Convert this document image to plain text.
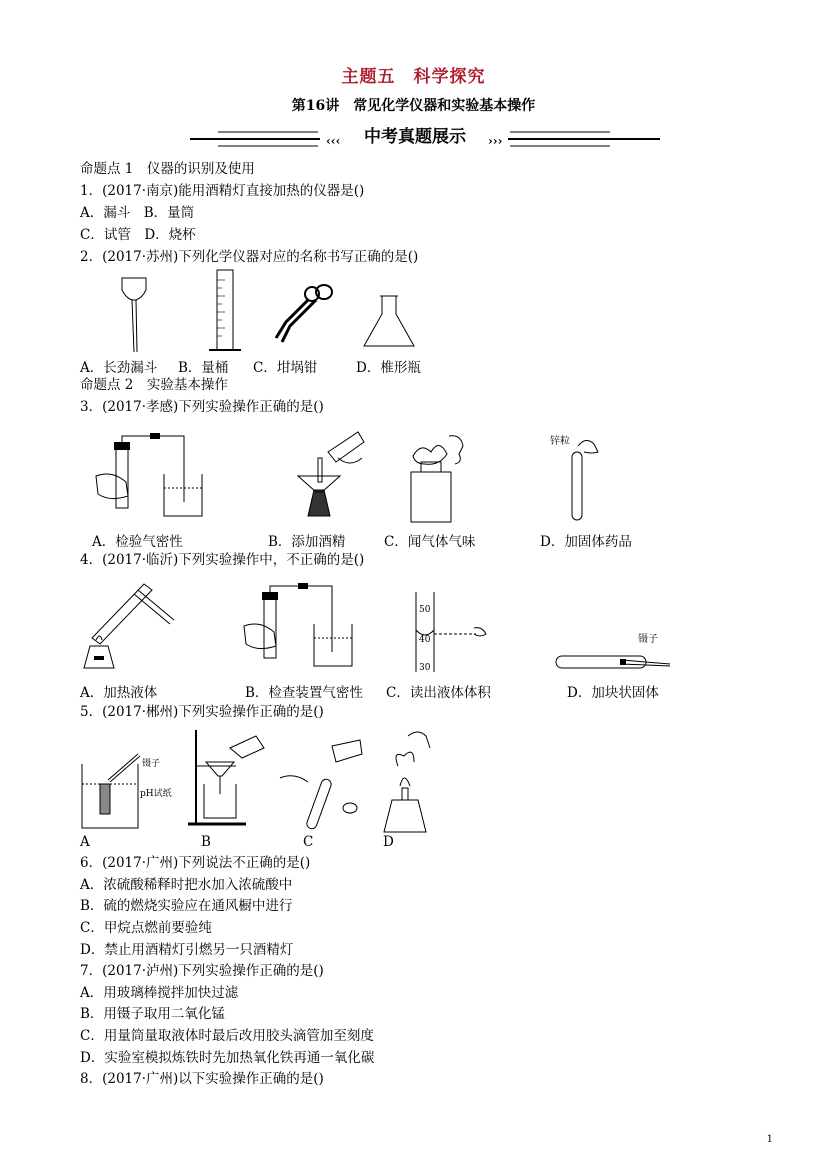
主题五　科学探究
第16讲　常见化学仪器和实验基本操作
‹‹‹	›››
中考真题展示
命题点 1　仪器的识别及使用
1．(2017·南京)能用酒精灯直接加热的仪器是()
A．漏斗　B．量筒
C．试管　D．烧杯
2．(2017·苏州)下列化学仪器对应的名称书写正确的是()
A．长劲漏斗 B．量桶 C．坩埚钳	D．椎形瓶
命题点 2　实验基本操作
3．(2017·孝感)下列实验操作正确的是()
锌粒
A．检验气密性	B．添加酒精	C．闻气体气味	D．加固体药品
4．(2017·临沂)下列实验操作中，不正确的是()
50
40
30
镊子
A．加热液体	B．检查装置气密性 C．读出液体体积	D．加块状固体
5．(2017·郴州)下列实验操作正确的是()
镊子
pH试纸
A	B	C	D
6．(2017·广州)下列说法不正确的是()
A．浓硫酸稀释时把水加入浓硫酸中
B．硫的燃烧实验应在通风橱中进行
C．甲烷点燃前要验纯
D．禁止用酒精灯引燃另一只酒精灯
7．(2017·泸州)下列实验操作正确的是()
A．用玻璃棒搅拌加快过滤
B．用镊子取用二氧化锰
C．用量筒量取液体时最后改用胶头滴管加至刻度
D．实验室模拟炼铁时先加热氧化铁再通一氧化碳
8．(2017·广州)以下实验操作正确的是()
1
